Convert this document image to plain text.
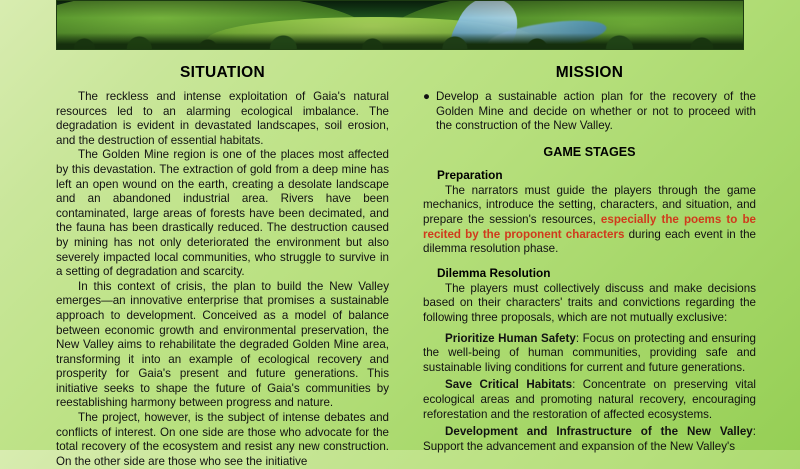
SITUATION

The reckless and intense exploitation of Gaia's natural resources led to an alarming ecological imbalance. The degradation is evident in devastated landscapes, soil erosion, and the destruction of essential habitats.

The Golden Mine region is one of the places most affected by this devastation. The extraction of gold from a deep mine has left an open wound on the earth, creating a desolate landscape and an abandoned industrial area. Rivers have been contaminated, large areas of forests have been decimated, and the fauna has been drastically reduced. The destruction caused by mining has not only deteriorated the environment but also severely impacted local communities, who struggle to survive in a setting of degradation and scarcity.

In this context of crisis, the plan to build the New Valley emerges—an innovative enterprise that promises a sustainable approach to development. Conceived as a model of balance between economic growth and environmental preservation, the New Valley aims to rehabilitate the degraded Golden Mine area, transforming it into an example of ecological recovery and prosperity for Gaia's present and future generations. This initiative seeks to shape the future of Gaia's communities by reestablishing harmony between progress and nature.

The project, however, is the subject of intense debates and conflicts of interest. On one side are those who advocate for the total recovery of the ecosystem and resist any new construction. On the other side are those who see the initiative

MISSION
● Develop a sustainable action plan for the recovery of the Golden Mine and decide on whether or not to proceed with the construction of the New Valley.
GAME STAGES
Preparation

The narrators must guide the players through the game mechanics, introduce the setting, characters, and situation, and prepare the session's resources, especially the poems to be recited by the proponent characters during each event in the dilemma resolution phase.

Dilemma Resolution

The players must collectively discuss and make decisions based on their characters' traits and convictions regarding the following three proposals, which are not mutually exclusive:

Prioritize Human Safety: Focus on protecting and ensuring the well-being of human communities, providing safe and sustainable living conditions for current and future generations.

Save Critical Habitats: Concentrate on preserving vital ecological areas and promoting natural recovery, encouraging reforestation and the restoration of affected ecosystems.

Development and Infrastructure of the New Valley: Support the advancement and expansion of the New Valley's
